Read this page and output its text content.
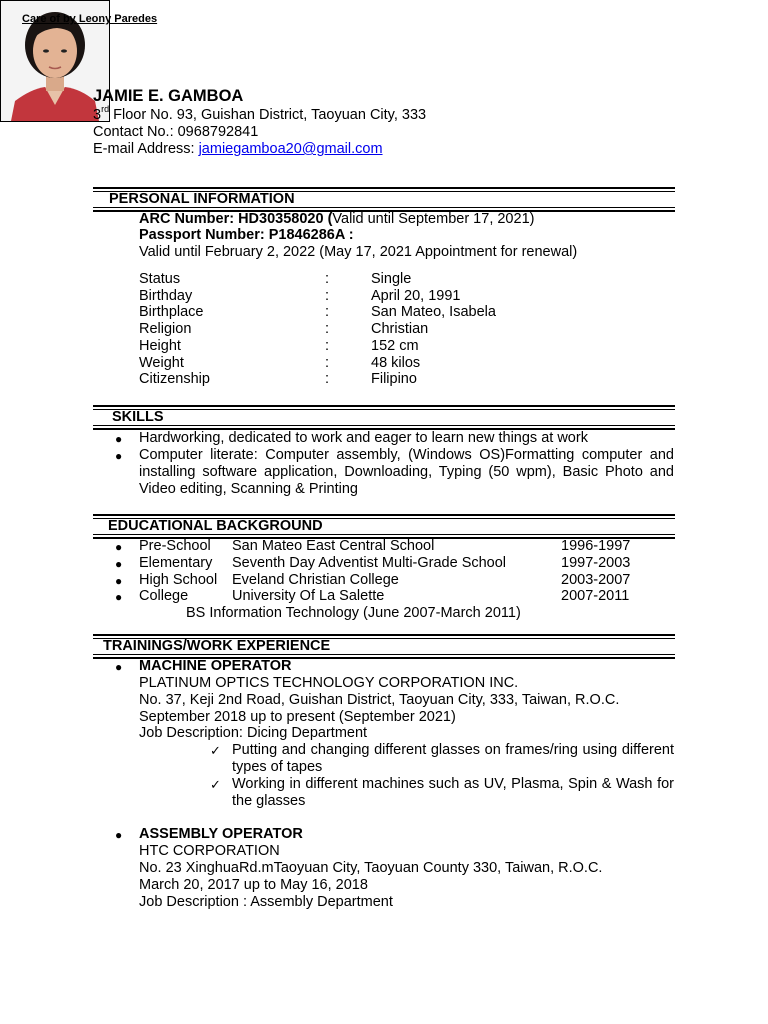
Care of by Leony Paredes
JAMIE E. GAMBOA
3rd Floor No. 93, Guishan District, Taoyuan City, 333
Contact No.: 0968792841
E-mail Address: jamiegamboa20@gmail.com
PERSONAL INFORMATION
ARC Number: HD30358020 (Valid until September 17, 2021)
Passport Number: P1846286A :
Valid until February 2, 2022 (May 17, 2021 Appointment for renewal)
Status	:	Single
Birthday	:	April 20, 1991
Birthplace	:	San Mateo, Isabela
Religion	:	Christian
Height	:	152 cm
Weight	:	48 kilos
Citizenship	:	Filipino
SKILLS
● Hardworking, dedicated to work and eager to learn new things at work
● Computer literate: Computer assembly, (Windows OS)Formatting computer and installing software application, Downloading, Typing (50 wpm), Basic Photo and Video editing, Scanning & Printing
EDUCATIONAL BACKGROUND
● Pre-School San Mateo East Central School	1996-1997
● Elementary Seventh Day Adventist Multi-Grade School	1997-2003
● High School Eveland Christian College	2003-2007
● College	University Of La Salette	2007-2011
BS Information Technology (June 2007-March 2011)
TRAININGS/WORK EXPERIENCE
● MACHINE OPERATOR
PLATINUM OPTICS TECHNOLOGY CORPORATION INC.
No. 37, Keji 2nd Road, Guishan District, Taoyuan City, 333, Taiwan, R.O.C.
September 2018 up to present (September 2021)
Job Description: Dicing Department
✓ Putting and changing different glasses on frames/ring using different types of tapes
✓ Working in different machines such as UV, Plasma, Spin & Wash for the glasses
● ASSEMBLY OPERATOR
HTC CORPORATION
No. 23 XinghuaRd.mTaoyuan City, Taoyuan County 330, Taiwan, R.O.C.
March 20, 2017 up to May 16, 2018
Job Description : Assembly Department
